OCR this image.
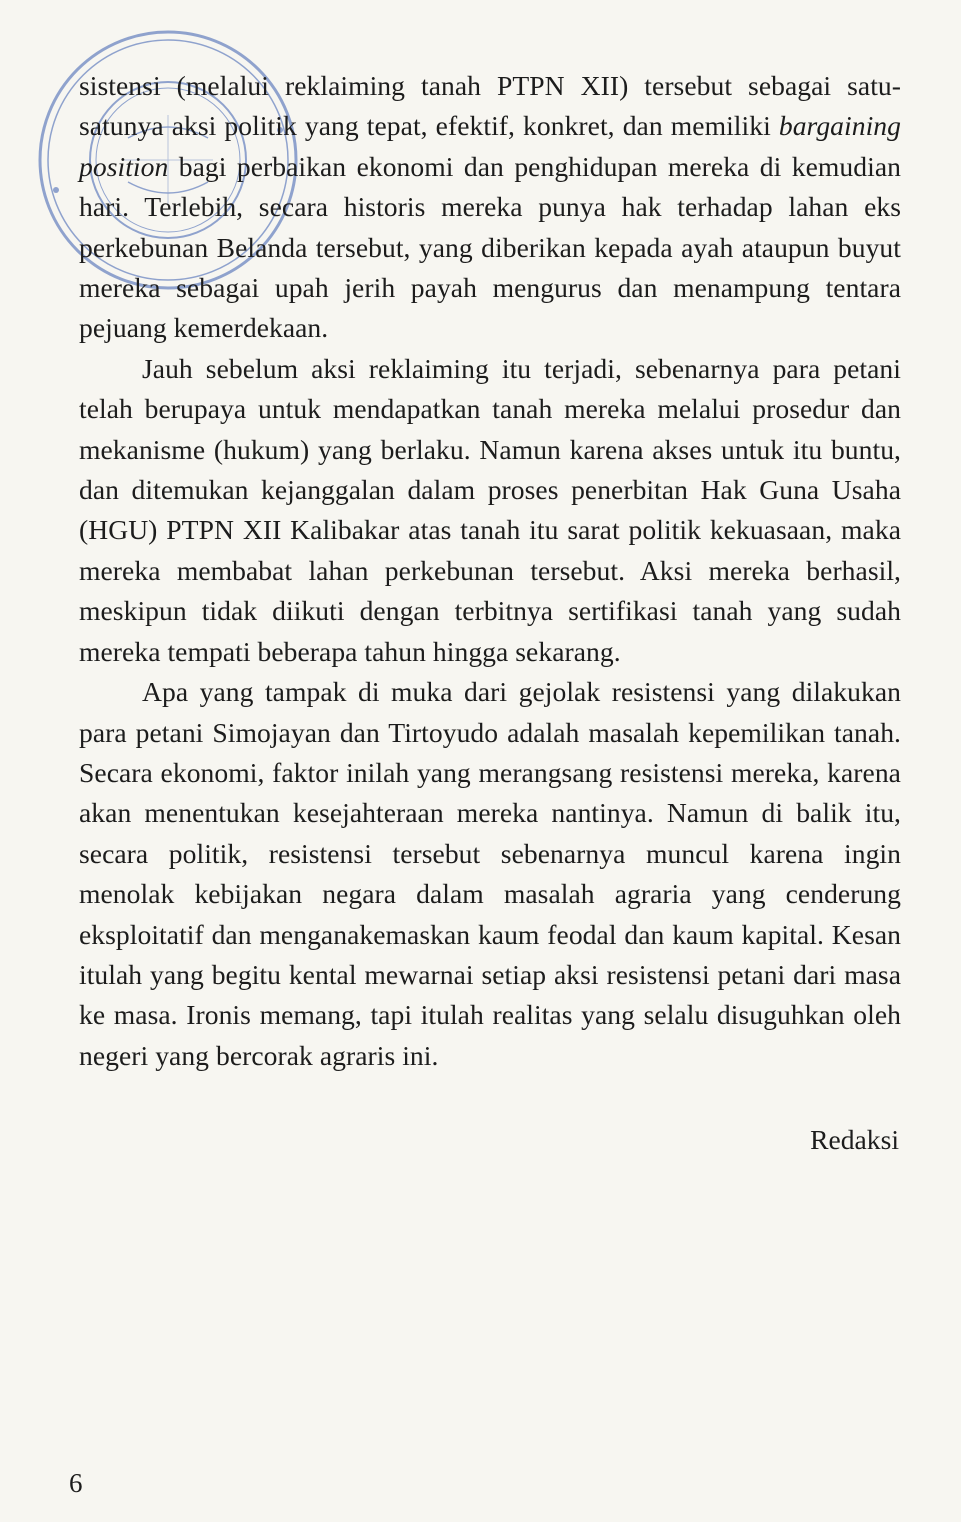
sistensi (melalui reklaiming tanah PTPN XII) tersebut sebagai satu-satunya aksi politik yang tepat, efektif, konkret, dan memiliki bargaining position bagi perbaikan ekonomi dan penghidupan mereka di kemudian hari. Terlebih, secara historis mereka punya hak terhadap lahan eks perkebunan Belanda tersebut, yang diberikan kepada ayah ataupun buyut mereka sebagai upah jerih payah mengurus dan menampung tentara pejuang kemerdekaan.

Jauh sebelum aksi reklaiming itu terjadi, sebenarnya para petani telah berupaya untuk mendapatkan tanah mereka melalui prosedur dan mekanisme (hukum) yang berlaku. Namun karena akses untuk itu buntu, dan ditemukan kejanggalan dalam proses penerbitan Hak Guna Usaha (HGU) PTPN XII Kalibakar atas tanah itu sarat politik kekuasaan, maka mereka membabat lahan perkebunan tersebut. Aksi mereka berhasil, meskipun tidak diikuti dengan terbitnya sertifikasi tanah yang sudah mereka tempati beberapa tahun hingga sekarang.

Apa yang tampak di muka dari gejolak resistensi yang dilakukan para petani Simojayan dan Tirtoyudo adalah masalah kepemilikan tanah. Secara ekonomi, faktor inilah yang merangsang resistensi mereka, karena akan menentukan kesejahteraan mereka nantinya. Namun di balik itu, secara politik, resistensi tersebut sebenarnya muncul karena ingin menolak kebijakan negara dalam masalah agraria yang cenderung eksploitatif dan menganakemaskan kaum feodal dan kaum kapital. Kesan itulah yang begitu kental mewarnai setiap aksi resistensi petani dari masa ke masa. Ironis memang, tapi itulah realitas yang selalu disuguhkan oleh negeri yang bercorak agraris ini.

Redaksi

6
